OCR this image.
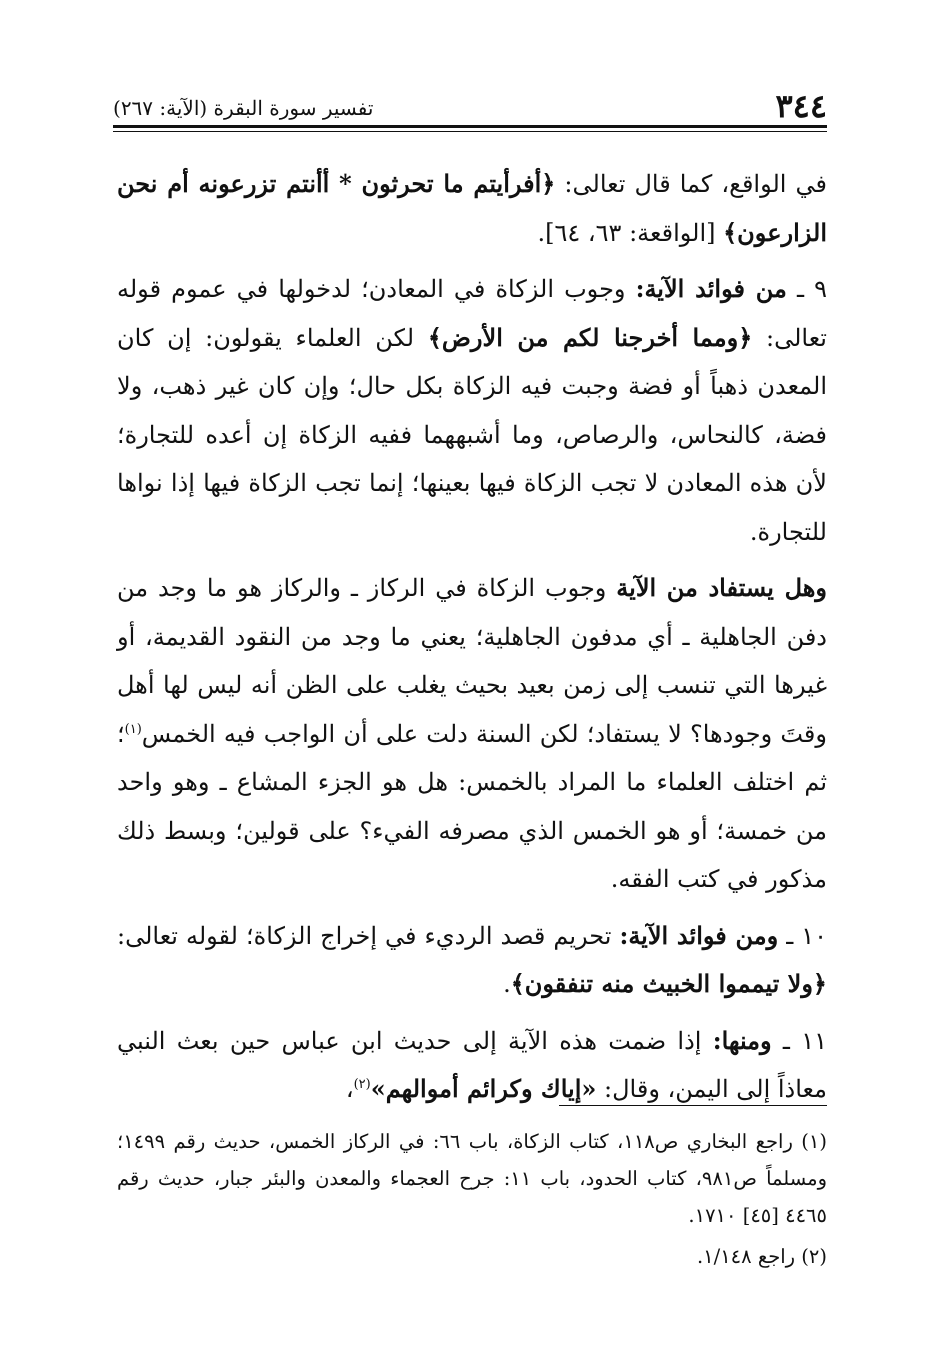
٣٤٤
تفسير سورة البقرة (الآية: ٢٦٧)

في الواقع، كما قال تعالى: ﴿أفرأيتم ما تحرثون * أأنتم تزرعونه أم نحن الزارعون﴾ [الواقعة: ٦٣، ٦٤].

٩ ـ من فوائد الآية: وجوب الزكاة في المعادن؛ لدخولها في عموم قوله تعالى: ﴿ومما أخرجنا لكم من الأرض﴾ لكن العلماء يقولون: إن كان المعدن ذهباً أو فضة وجبت فيه الزكاة بكل حال؛ وإن كان غير ذهب، ولا فضة، كالنحاس، والرصاص، وما أشبههما ففيه الزكاة إن أعده للتجارة؛ لأن هذه المعادن لا تجب الزكاة فيها بعينها؛ إنما تجب الزكاة فيها إذا نواها للتجارة.

وهل يستفاد من الآية وجوب الزكاة في الركاز ـ والركاز هو ما وجد من دفن الجاهلية ـ أي مدفون الجاهلية؛ يعني ما وجد من النقود القديمة، أو غيرها التي تنسب إلى زمن بعيد بحيث يغلب على الظن أنه ليس لها أهل وقتَ وجودها؟ لا يستفاد؛ لكن السنة دلت على أن الواجب فيه الخمس$^{(١)}$؛ ثم اختلف العلماء ما المراد بالخمس: هل هو الجزء المشاع ـ وهو واحد من خمسة؛ أو هو الخمس الذي مصرفه الفيء؟ على قولين؛ وبسط ذلك مذكور في كتب الفقه.

١٠ ـ ومن فوائد الآية: تحريم قصد الرديء في إخراج الزكاة؛ لقوله تعالى: ﴿ولا تيمموا الخبيث منه تنفقون﴾.

١١ ـ ومنها: إذا ضمت هذه الآية إلى حديث ابن عباس حين بعث النبي معاذاً إلى اليمن، وقال: «إياك وكرائم أموالهم»$^{(٢)}$،

(١) راجع البخاري ص١١٨، كتاب الزكاة، باب ٦٦: في الركاز الخمس، حديث رقم ١٤٩٩؛ ومسلماً ص٩٨١، كتاب الحدود، باب ١١: جرح العجماء والمعدن والبئر جبار، حديث رقم ٤٤٦٥ [٤٥] ١٧١٠.

(٢) راجع ١/١٤٨.
